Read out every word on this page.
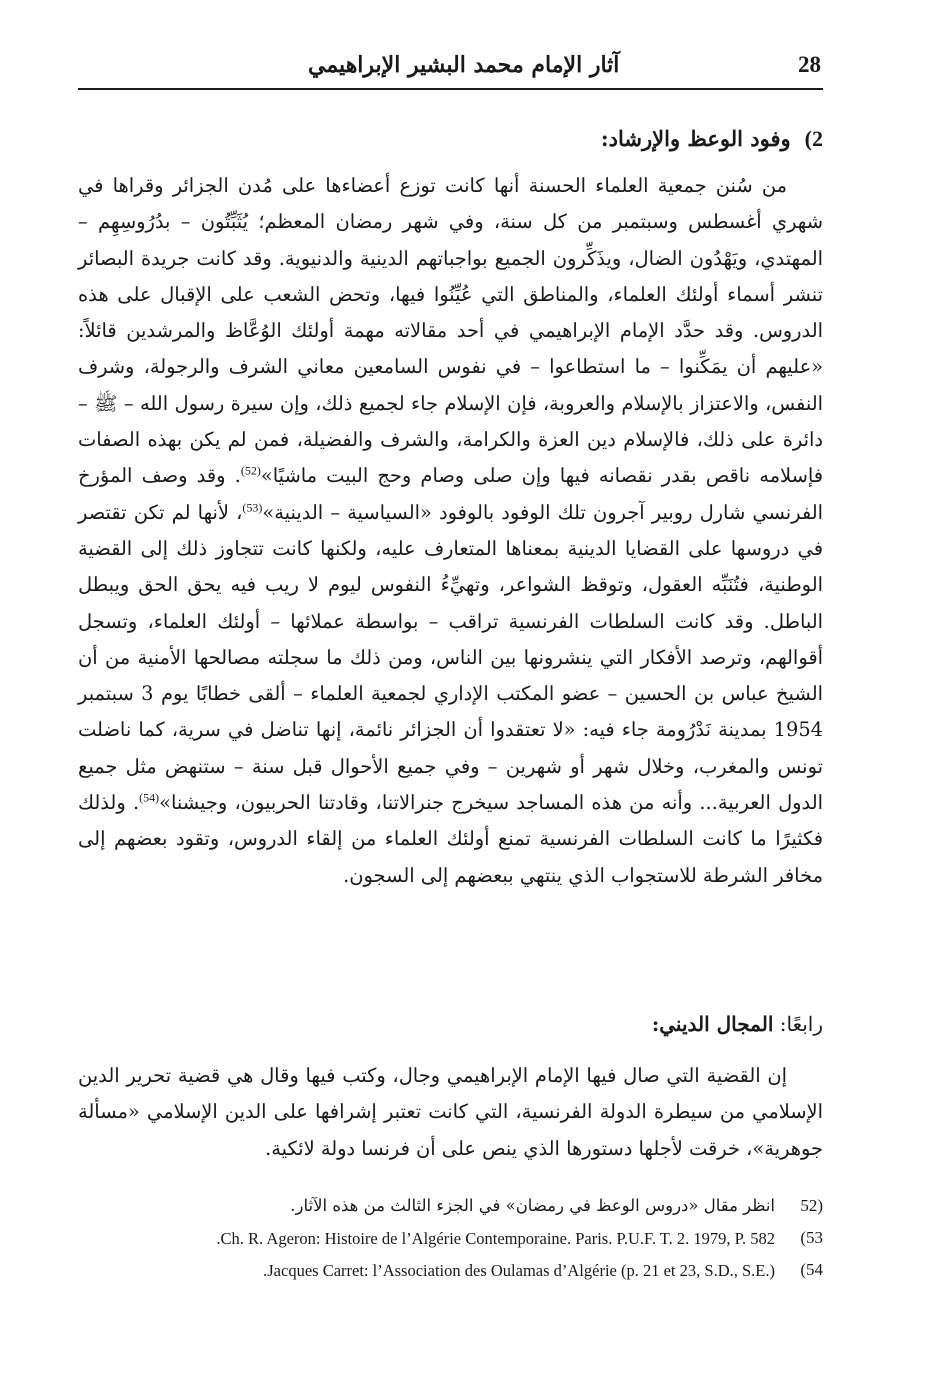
28
آثار الإمام محمد البشير الإبراهيمي
2)وفود الوعظ والإرشاد:

من سُنن جمعية العلماء الحسنة أنها كانت توزع أعضاءها على مُدن الجزائر وقراها في شهري أغسطس وسبتمبر من كل سنة، وفي شهر رمضان المعظم؛ يُثَبِّتُون – بدُرُوسِهِم – المهتدي، ويَهْدُون الضال، ويذَكِّرون الجميع بواجباتهم الدينية والدنيوية. وقد كانت جريدة البصائر تنشر أسماء أولئك العلماء، والمناطق التي عُيِّنُوا فيها، وتحض الشعب على الإقبال على هذه الدروس. وقد حدَّد الإمام الإبراهيمي في أحد مقالاته مهمة أولئك الوُعَّاظ والمرشدين قائلاً: «عليهم أن يمَكِّنوا – ما استطاعوا – في نفوس السامعين معاني الشرف والرجولة، وشرف النفس، والاعتزاز بالإسلام والعروبة، فإن الإسلام جاء لجميع ذلك، وإن سيرة رسول الله – ﷺ – دائرة على ذلك، فالإسلام دين العزة والكرامة، والشرف والفضيلة، فمن لم يكن بهذه الصفات فإسلامه ناقص بقدر نقصانه فيها وإن صلى وصام وحج البيت ماشيًا»$^{(52)}$. وقد وصف المؤرخ الفرنسي شارل روبير آجرون تلك الوفود بالوفود «السياسية – الدينية»$^{(53)}$، لأنها لم تكن تقتصر في دروسها على القضايا الدينية بمعناها المتعارف عليه، ولكنها كانت تتجاوز ذلك إلى القضية الوطنية، فتُنَبِّه العقول، وتوقظ الشواعر، وتهيِّءُ النفوس ليوم لا ريب فيه يحق الحق ويبطل الباطل. وقد كانت السلطات الفرنسية تراقب – بواسطة عملائها – أولئك العلماء، وتسجل أقوالهم، وترصد الأفكار التي ينشرونها بين الناس، ومن ذلك ما سجلته مصالحها الأمنية من أن الشيخ عباس بن الحسين – عضو المكتب الإداري لجمعية العلماء – ألقى خطابًا يوم 3 سبتمبر 1954 بمدينة نَدْرُومة جاء فيه: «لا تعتقدوا أن الجزائر نائمة، إنها تناضل في سرية، كما ناضلت تونس والمغرب، وخلال شهر أو شهرين – وفي جميع الأحوال قبل سنة – ستنهض مثل جميع الدول العربية... وأنه من هذه المساجد سيخرج جنرالاتنا، وقادتنا الحربيون، وجيشنا»$^{(54)}$. ولذلك فكثيرًا ما كانت السلطات الفرنسية تمنع أولئك العلماء من إلقاء الدروس، وتقود بعضهم إلى مخافر الشرطة للاستجواب الذي ينتهي ببعضهم إلى السجون.

رابعًا: المجال الديني:

إن القضية التي صال فيها الإمام الإبراهيمي وجال، وكتب فيها وقال هي قضية تحرير الدين الإسلامي من سيطرة الدولة الفرنسية، التي كانت تعتبر إشرافها على الدين الإسلامي «مسألة جوهرية»، خرقت لأجلها دستورها الذي ينص على أن فرنسا دولة لائكية.

52)
انظر مقال «دروس الوعظ في رمضان» في الجزء الثالث من هذه الآثار.
(53
.Ch. R. Ageron: Histoire de l’Algérie Contemporaine. Paris. P.U.F. T. 2. 1979, P. 582
(54
.Jacques Carret: l’Association des Oulamas d’Algérie (p. 21 et 23, S.D., S.E.)
